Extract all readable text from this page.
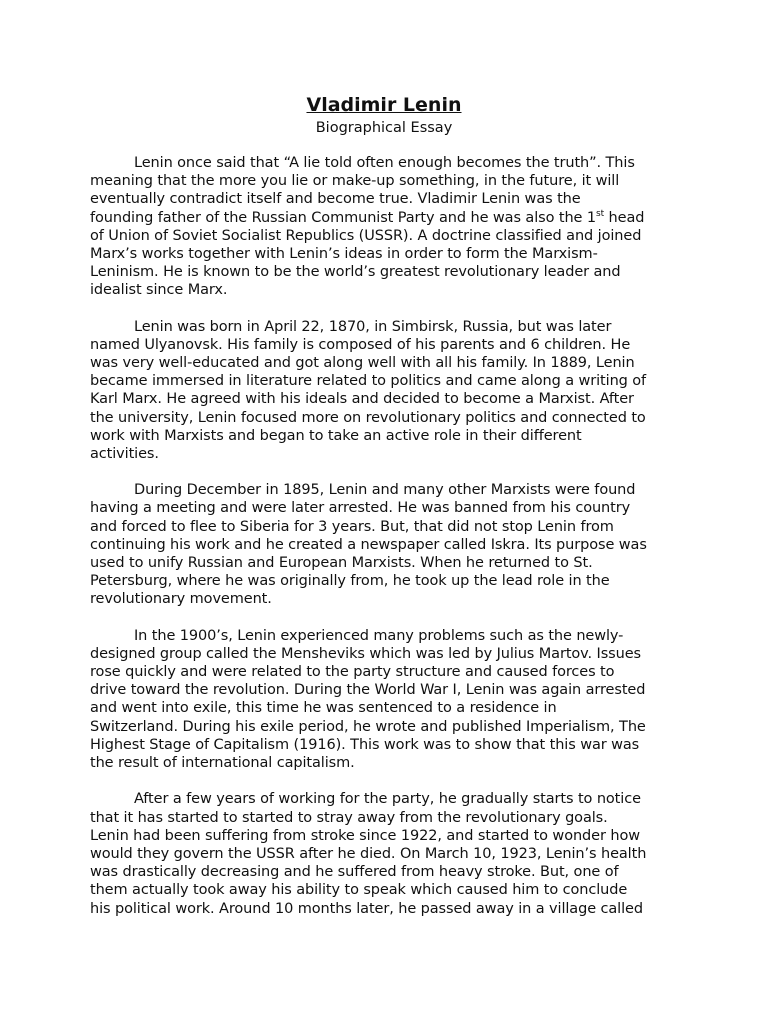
Vladimir Lenin
Biographical Essay
Lenin once said that “A lie told often enough becomes the truth”. This
meaning that the more you lie or make-up something, in the future, it will
eventually contradict itself and become true. Vladimir Lenin was the
founding father of the Russian Communist Party and he was also the 1st head
of Union of Soviet Socialist Republics (USSR). A doctrine classified and joined
Marx’s works together with Lenin’s ideas in order to form the Marxism-
Leninism. He is known to be the world’s greatest revolutionary leader and
idealist since Marx.
Lenin was born in April 22, 1870, in Simbirsk, Russia, but was later
named Ulyanovsk. His family is composed of his parents and 6 children. He
was very well-educated and got along well with all his family. In 1889, Lenin
became immersed in literature related to politics and came along a writing of
Karl Marx. He agreed with his ideals and decided to become a Marxist. After
the university, Lenin focused more on revolutionary politics and connected to
work with Marxists and began to take an active role in their different
activities.
During December in 1895, Lenin and many other Marxists were found
having a meeting and were later arrested. He was banned from his country
and forced to flee to Siberia for 3 years. But, that did not stop Lenin from
continuing his work and he created a newspaper called Iskra. Its purpose was
used to unify Russian and European Marxists. When he returned to St.
Petersburg, where he was originally from, he took up the lead role in the
revolutionary movement.
In the 1900’s, Lenin experienced many problems such as the newly-
designed group called the Mensheviks which was led by Julius Martov. Issues
rose quickly and were related to the party structure and caused forces to
drive toward the revolution. During the World War I, Lenin was again arrested
and went into exile, this time he was sentenced to a residence in
Switzerland. During his exile period, he wrote and published Imperialism, The
Highest Stage of Capitalism (1916). This work was to show that this war was
the result of international capitalism.
After a few years of working for the party, he gradually starts to notice
that it has started to started to stray away from the revolutionary goals.
Lenin had been suffering from stroke since 1922, and started to wonder how
would they govern the USSR after he died. On March 10, 1923, Lenin’s health
was drastically decreasing and he suffered from heavy stroke. But, one of
them actually took away his ability to speak which caused him to conclude
his political work. Around 10 months later, he passed away in a village called
